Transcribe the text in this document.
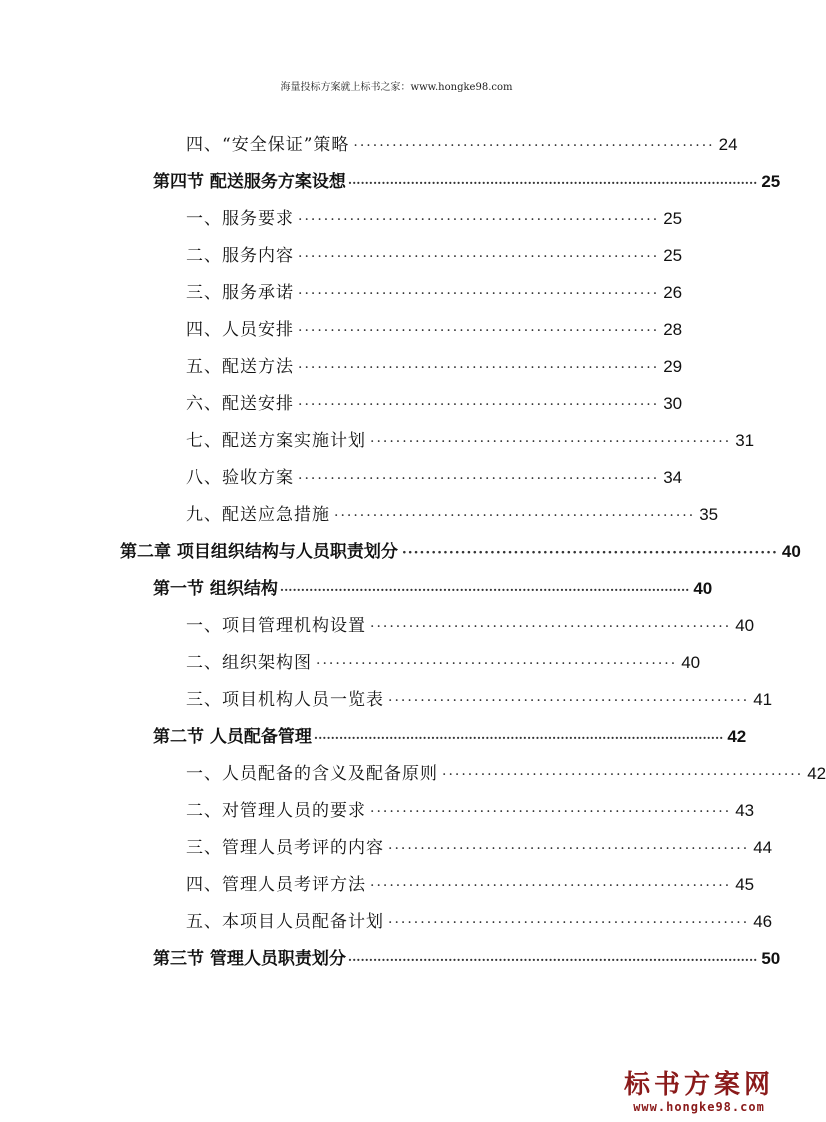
海量投标方案就上标书之家：www.hongke98.com
四、“安全保证”策略 ························································ 24
第四节 配送服务方案设想 ·································································································· 25
一、服务要求 ························································ 25
二、服务内容 ························································ 25
三、服务承诺 ························································ 26
四、人员安排 ························································ 28
五、配送方法 ························································ 29
六、配送安排 ························································ 30
七、配送方案实施计划 ························································ 31
八、验收方案 ························································ 34
九、配送应急措施 ························································ 35
第二章 项目组织结构与人员职责划分 ································································ 40
第一节 组织结构 ·································································································· 40
一、项目管理机构设置 ························································ 40
二、组织架构图 ························································ 40
三、项目机构人员一览表 ························································ 41
第二节 人员配备管理 ·································································································· 42
一、人员配备的含义及配备原则 ························································ 42
二、对管理人员的要求 ························································ 43
三、管理人员考评的内容 ························································ 44
四、管理人员考评方法 ························································ 45
五、本项目人员配备计划 ························································ 46
第三节 管理人员职责划分 ·································································································· 50
标书方案网
www.hongke98.com
